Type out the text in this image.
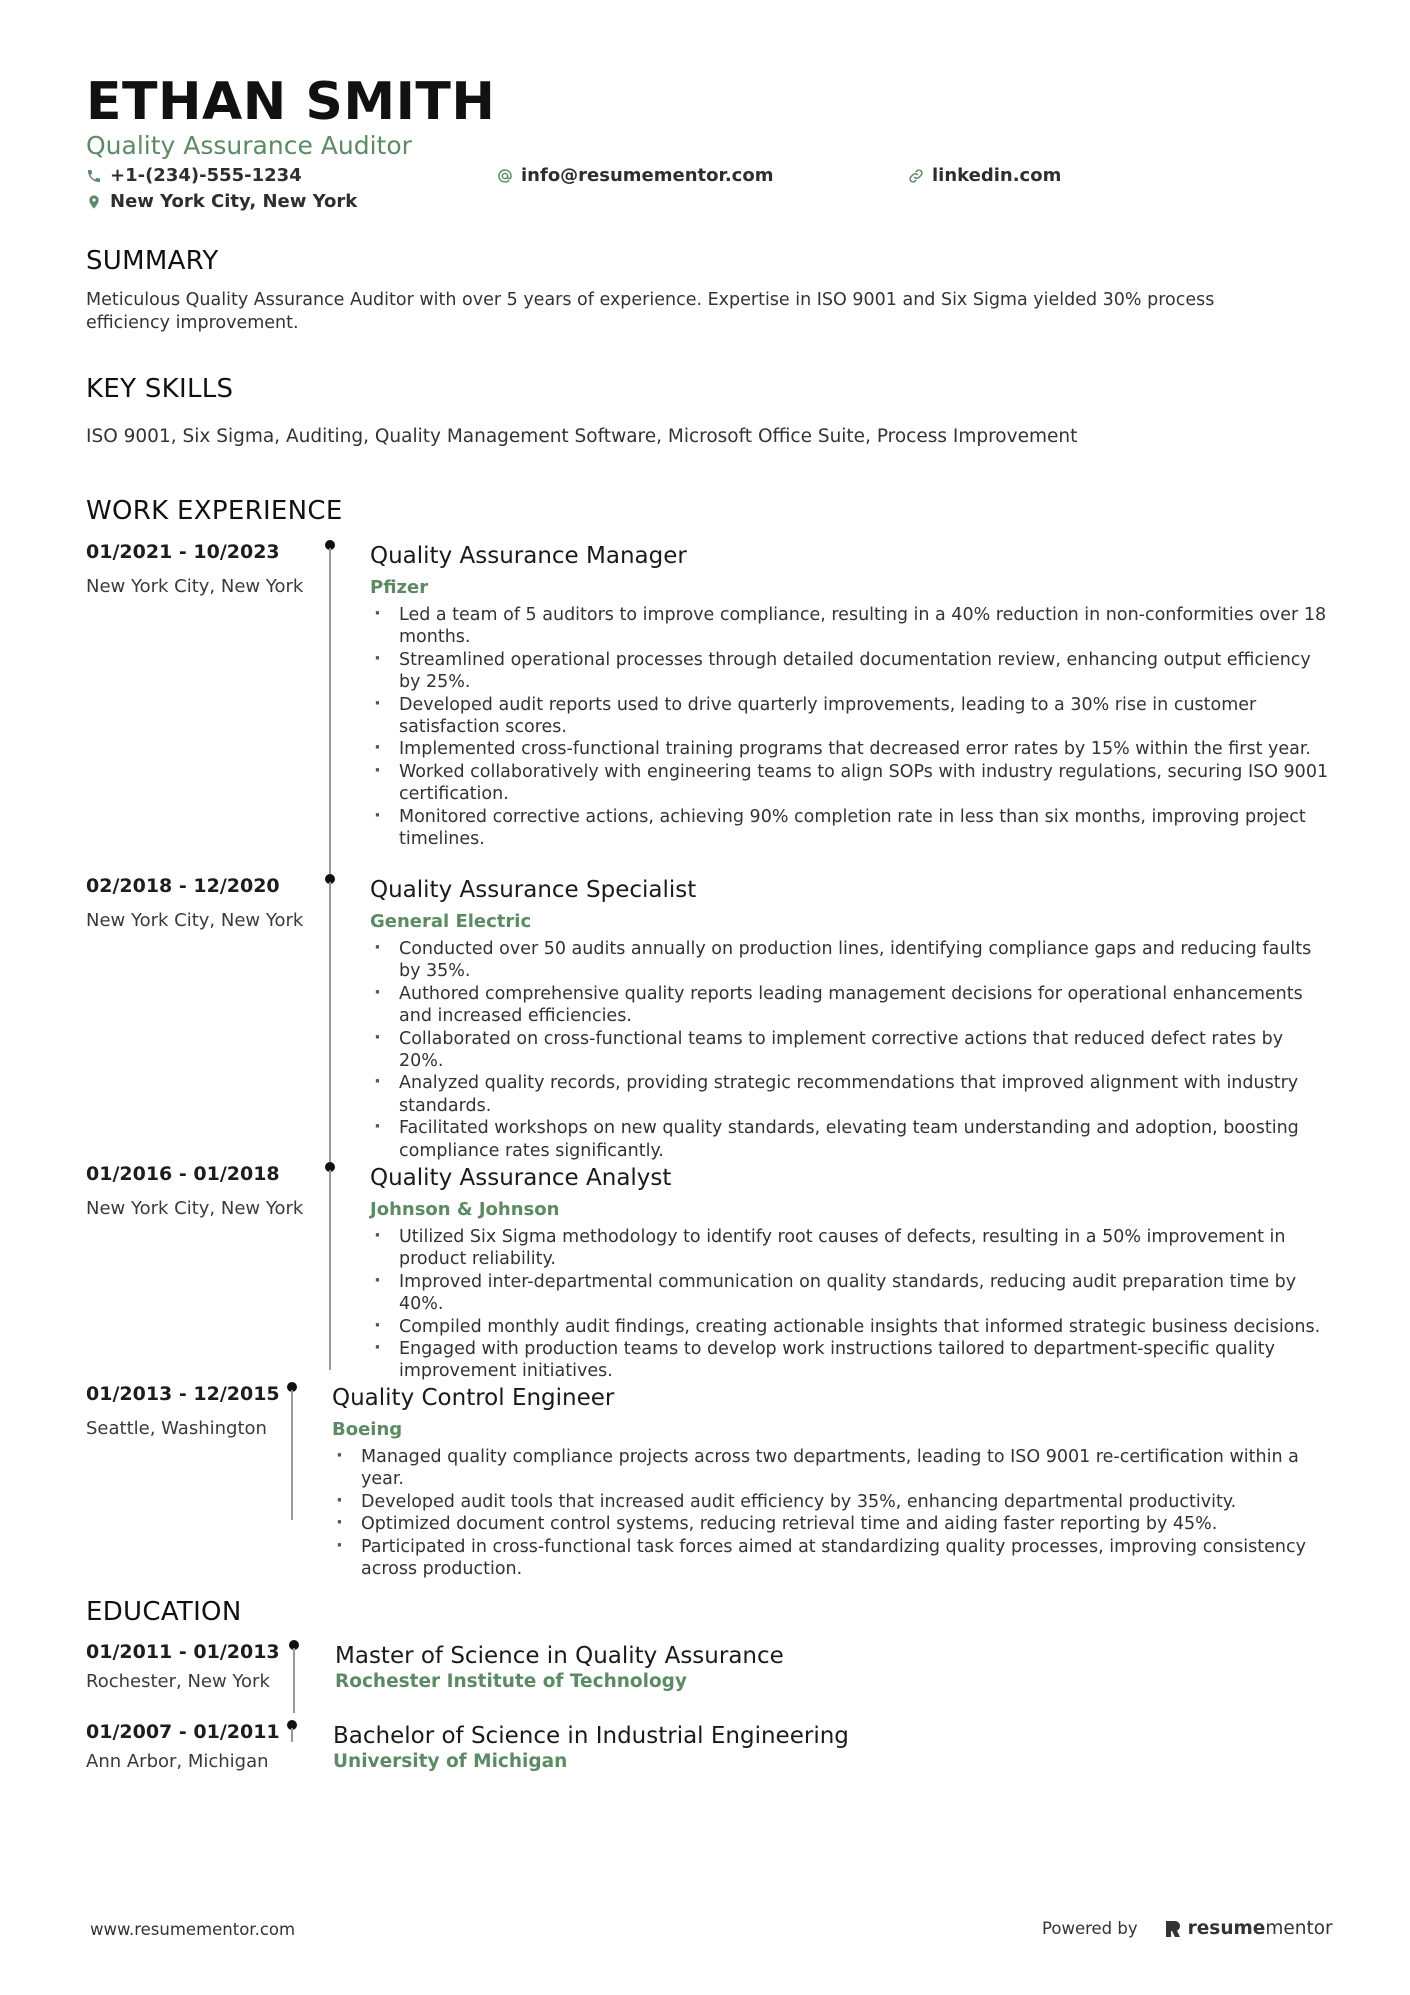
ETHAN SMITH
Quality Assurance Auditor
+1-(234)-555-1234	info@resumementor.com	linkedin.com
New York City, New York
SUMMARY

Meticulous Quality Assurance Auditor with over 5 years of experience. Expertise in ISO 9001 and Six Sigma yielded 30% process efficiency improvement.

KEY SKILLS

ISO 9001, Six Sigma, Auditing, Quality Management Software, Microsoft Office Suite, Process Improvement

WORK EXPERIENCE
01/2021 - 10/2023
New York City, New York
Quality Assurance Manager
Pfizer
· Led a team of 5 auditors to improve compliance, resulting in a 40% reduction in non-conformities over 18 months.
· Streamlined operational processes through detailed documentation review, enhancing output efficiency by 25%.
· Developed audit reports used to drive quarterly improvements, leading to a 30% rise in customer satisfaction scores.
· Implemented cross-functional training programs that decreased error rates by 15% within the first year.
· Worked collaboratively with engineering teams to align SOPs with industry regulations, securing ISO 9001 certification.
· Monitored corrective actions, achieving 90% completion rate in less than six months, improving project timelines.
02/2018 - 12/2020
New York City, New York
Quality Assurance Specialist
General Electric
· Conducted over 50 audits annually on production lines, identifying compliance gaps and reducing faults by 35%.
· Authored comprehensive quality reports leading management decisions for operational enhancements and increased efficiencies.
· Collaborated on cross-functional teams to implement corrective actions that reduced defect rates by 20%.
· Analyzed quality records, providing strategic recommendations that improved alignment with industry standards.
· Facilitated workshops on new quality standards, elevating team understanding and adoption, boosting compliance rates significantly.
01/2016 - 01/2018
New York City, New York
Quality Assurance Analyst
Johnson & Johnson
· Utilized Six Sigma methodology to identify root causes of defects, resulting in a 50% improvement in product reliability.
· Improved inter-departmental communication on quality standards, reducing audit preparation time by 40%.
· Compiled monthly audit findings, creating actionable insights that informed strategic business decisions.
· Engaged with production teams to develop work instructions tailored to department-specific quality improvement initiatives.
01/2013 - 12/2015
Seattle, Washington
Quality Control Engineer
Boeing
· Managed quality compliance projects across two departments, leading to ISO 9001 re-certification within a year.
· Developed audit tools that increased audit efficiency by 35%, enhancing departmental productivity.
· Optimized document control systems, reducing retrieval time and aiding faster reporting by 45%.
· Participated in cross-functional task forces aimed at standardizing quality processes, improving consistency across production.
EDUCATION
01/2011 - 01/2013
Rochester, New York
Master of Science in Quality Assurance
Rochester Institute of Technology
01/2007 - 01/2011
Ann Arbor, Michigan
Bachelor of Science in Industrial Engineering
University of Michigan
www.resumementor.com	Powered by	resumementor
